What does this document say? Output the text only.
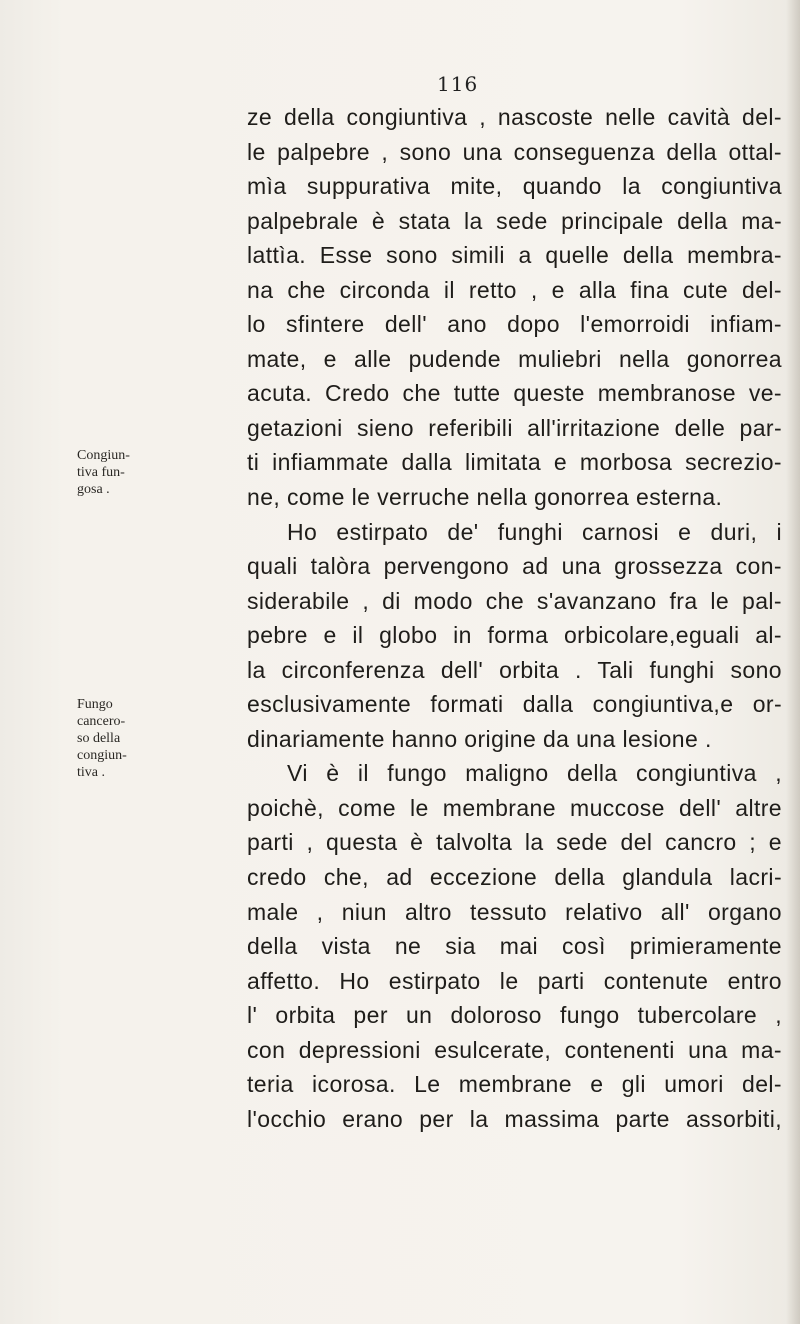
116
Congiun-
tiva fun-
gosa .
Fungo
cancero-
so della
congiun-
tiva .
ze della congiuntiva , nascoste nelle cavità del-
le palpebre , sono una conseguenza della ottal-
mìa suppurativa mite, quando la congiuntiva
palpebrale è stata la sede principale della ma-
lattìa. Esse sono simili a quelle della membra-
na che circonda il retto , e alla fina cute del-
lo sfintere dell' ano dopo l'emorroidi infiam-
mate, e alle pudende muliebri nella gonorrea
acuta. Credo che tutte queste membranose ve-
getazioni sieno referibili all'irritazione delle par-
ti infiammate dalla limitata e morbosa secrezio-
ne, come le verruche nella gonorrea esterna.
Ho estirpato de' funghi carnosi e duri, i
quali talòra pervengono ad una grossezza con-
siderabile , di modo che s'avanzano fra le pal-
pebre e il globo in forma orbicolare,eguali al-
la circonferenza dell' orbita . Tali funghi sono
esclusivamente formati dalla congiuntiva,e or-
dinariamente hanno origine da una lesione .
Vi è il fungo maligno della congiuntiva ,
poichè, come le membrane muccose dell' altre
parti , questa è talvolta la sede del cancro ; e
credo che, ad eccezione della glandula lacri-
male , niun altro tessuto relativo all' organo
della vista ne sia mai così primieramente
affetto. Ho estirpato le parti contenute entro
l' orbita per un doloroso fungo tubercolare ,
con depressioni esulcerate, contenenti una ma-
teria icorosa. Le membrane e gli umori del-
l'occhio erano per la massima parte assorbiti,
